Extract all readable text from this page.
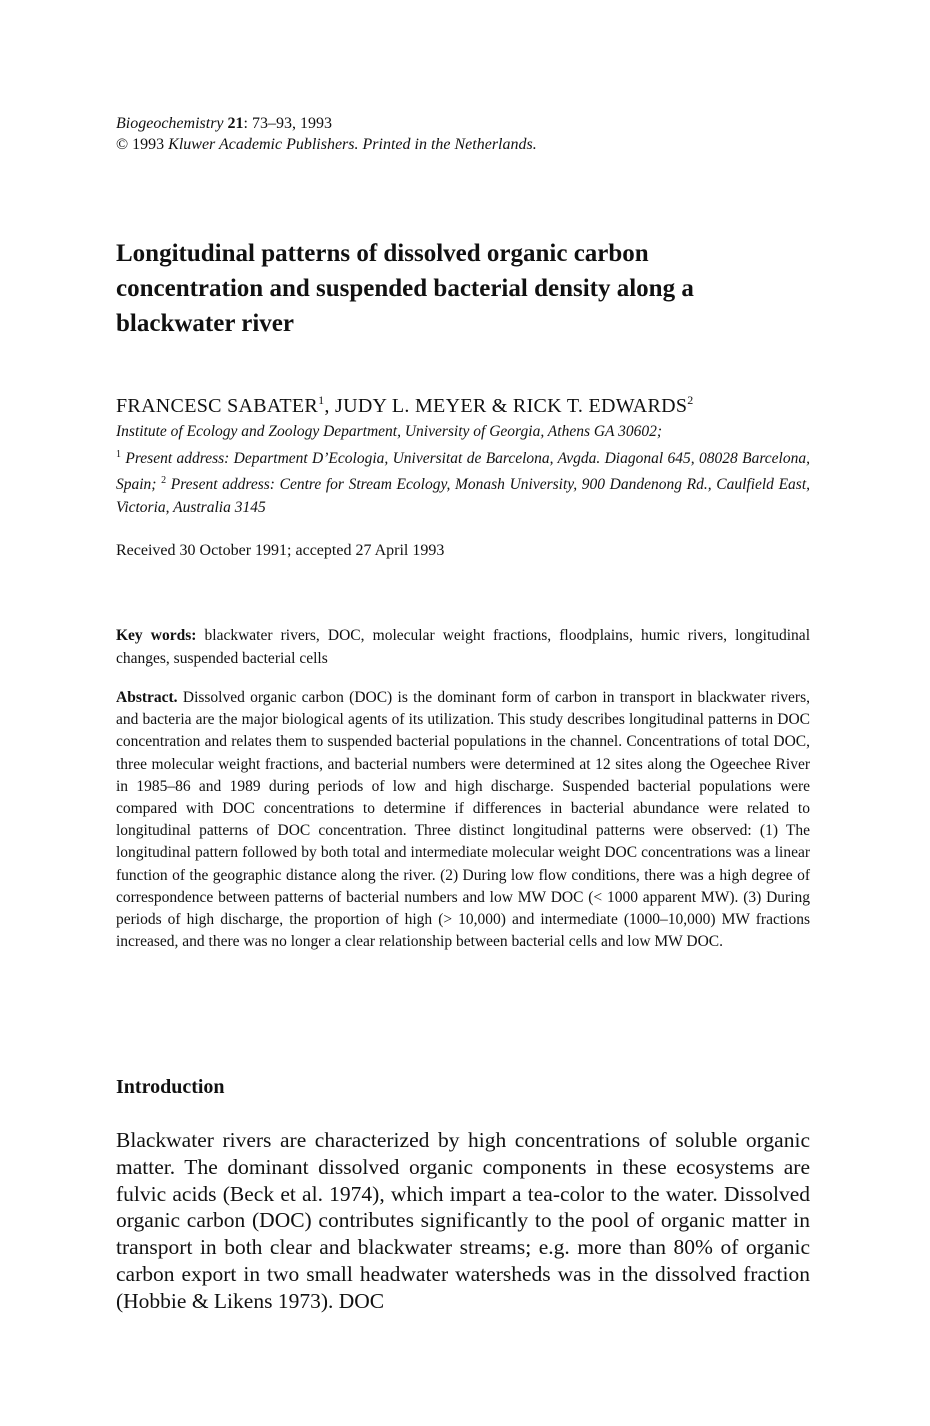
Biogeochemistry 21: 73–93, 1993
© 1993 Kluwer Academic Publishers. Printed in the Netherlands.
Longitudinal patterns of dissolved organic carbon concentration and suspended bacterial density along a blackwater river
FRANCESC SABATER$^1$, JUDY L. MEYER & RICK T. EDWARDS$^2$
Institute of Ecology and Zoology Department, University of Georgia, Athens GA 30602;
$^1$ Present address: Department D’Ecologia, Universitat de Barcelona, Avgda. Diagonal 645, 08028 Barcelona, Spain; $^2$ Present address: Centre for Stream Ecology, Monash University, 900 Dandenong Rd., Caulfield East, Victoria, Australia 3145
Received 30 October 1991; accepted 27 April 1993
Key words: blackwater rivers, DOC, molecular weight fractions, floodplains, humic rivers, longitudinal changes, suspended bacterial cells
Abstract. Dissolved organic carbon (DOC) is the dominant form of carbon in transport in blackwater rivers, and bacteria are the major biological agents of its utilization. This study describes longitudinal patterns in DOC concentration and relates them to suspended bacterial populations in the channel. Concentrations of total DOC, three molecular weight fractions, and bacterial numbers were determined at 12 sites along the Ogeechee River in 1985–86 and 1989 during periods of low and high discharge. Suspended bacterial populations were compared with DOC concentrations to determine if differences in bacterial abundance were related to longitudinal patterns of DOC concentration. Three distinct longitudinal patterns were observed: (1) The longitudinal pattern followed by both total and intermediate molecular weight DOC concentrations was a linear function of the geographic distance along the river. (2) During low flow conditions, there was a high degree of correspondence between patterns of bacterial numbers and low MW DOC (< 1000 apparent MW). (3) During periods of high discharge, the proportion of high (> 10,000) and intermediate (1000–10,000) MW fractions increased, and there was no longer a clear relationship between bacterial cells and low MW DOC.
Introduction
Blackwater rivers are characterized by high concentrations of soluble organic matter. The dominant dissolved organic components in these ecosystems are fulvic acids (Beck et al. 1974), which impart a tea-color to the water. Dissolved organic carbon (DOC) contributes significantly to the pool of organic matter in transport in both clear and blackwater streams; e.g. more than 80% of organic carbon export in two small headwater watersheds was in the dissolved fraction (Hobbie & Likens 1973). DOC
